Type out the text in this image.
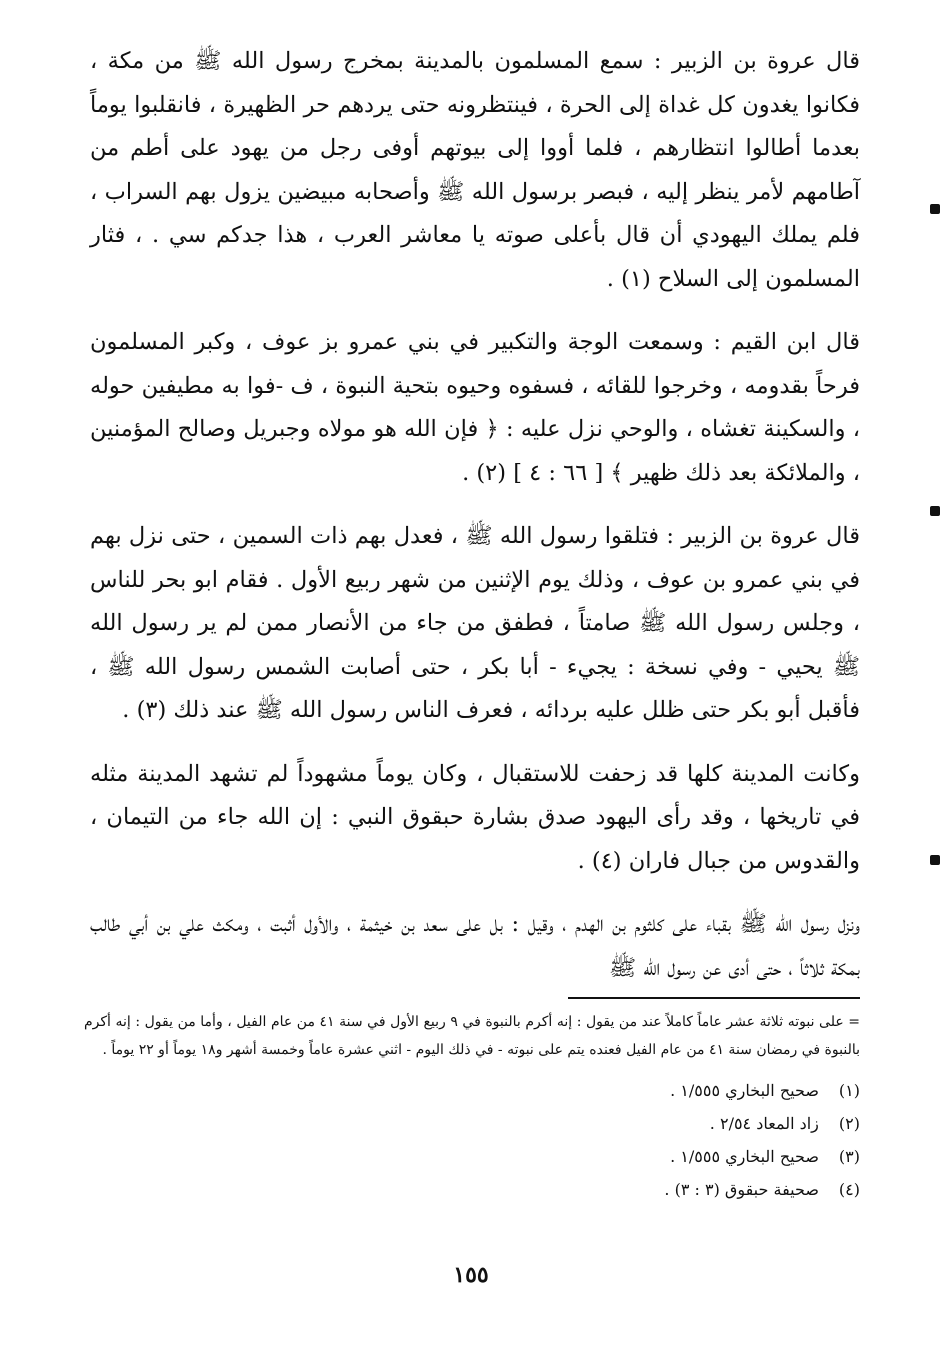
قال عروة بن الزبير : سمع المسلمون بالمدينة بمخرج رسول الله ﷺ من مكة ، فكانوا يغدون كل غداة إلى الحرة ، فينتظرونه حتى يردهم حر الظهيرة ، فانقلبوا يوماً بعدما أطالوا انتظارهم ، فلما أووا إلى بيوتهم أوفى رجل من يهود على أطم من آطامهم لأمر ينظر إليه ، فبصر برسول الله ﷺ وأصحابه مبيضين يزول بهم السراب ، فلم يملك اليهودي أن قال بأعلى صوته يا معاشر العرب ، هذا جدكم سي . ، فثار المسلمون إلى السلاح (١) .

قال ابن القيم : وسمعت الوجة والتكبير في بني عمرو بز عوف ، وكبر المسلمون فرحاً بقدومه ، وخرجوا للقائه ، فسفوه وحيوه بتحية النبوة ، ف -فوا به مطيفين حوله ، والسكينة تغشاه ، والوحي نزل عليه : ﴿ فإن الله هو مولاه وجبريل وصالح المؤمنين ، والملائكة بعد ذلك ظهير ﴾ [ ٦٦ : ٤ ] (٢) .

قال عروة بن الزبير : فتلقوا رسول الله ﷺ ، فعدل بهم ذات السمين ، حتى نزل بهم في بني عمرو بن عوف ، وذلك يوم الإثنين من شهر ربيع الأول . فقام ابو بحر للناس ، وجلس رسول الله ﷺ صامتاً ، فطفق من جاء من الأنصار ممن لم ير رسول الله ﷺ يحيي - وفي نسخة : يجيء - أبا بكر ، حتى أصابت الشمس رسول الله ﷺ ، فأقبل أبو بكر حتى ظلل عليه بردائه ، فعرف الناس رسول الله ﷺ عند ذلك (٣) .

وكانت المدينة كلها قد زحفت للاستقبال ، وكان يوماً مشهوداً لم تشهد المدينة مثله في تاريخها ، وقد رأى اليهود صدق بشارة حبقوق النبي : إن الله جاء من التيمان ، والقدوس من جبال فاران (٤) .

ونزل رسول الله ﷺ بقباء على كلثوم بن الهدم ، وقيل : بل على سعد بن خيثمة ، والأول أثبت ، ومكث علي بن أبي طالب بمكة ثلاثاً ، حتى أدى عن رسول الله ﷺ

= على نبوته ثلاثة عشر عاماً كاملاً عند من يقول : إنه أكرم بالنبوة في ٩ ربيع الأول في سنة ٤١ من عام الفيل ، وأما من يقول : إنه أكرم بالنبوة في رمضان سنة ٤١ من عام الفيل فعنده يتم على نبوته - في ذلك اليوم - اثني عشرة عاماً وخمسة أشهر و١٨ يوماً أو ٢٢ يوماً .

(١) صحيح البخاري ١/٥٥٥ .
(٢) زاد المعاد ٢/٥٤ .
(٣) صحيح البخاري ١/٥٥٥ .
(٤) صحيفة حبقوق (٣ : ٣) .
١٥٥
